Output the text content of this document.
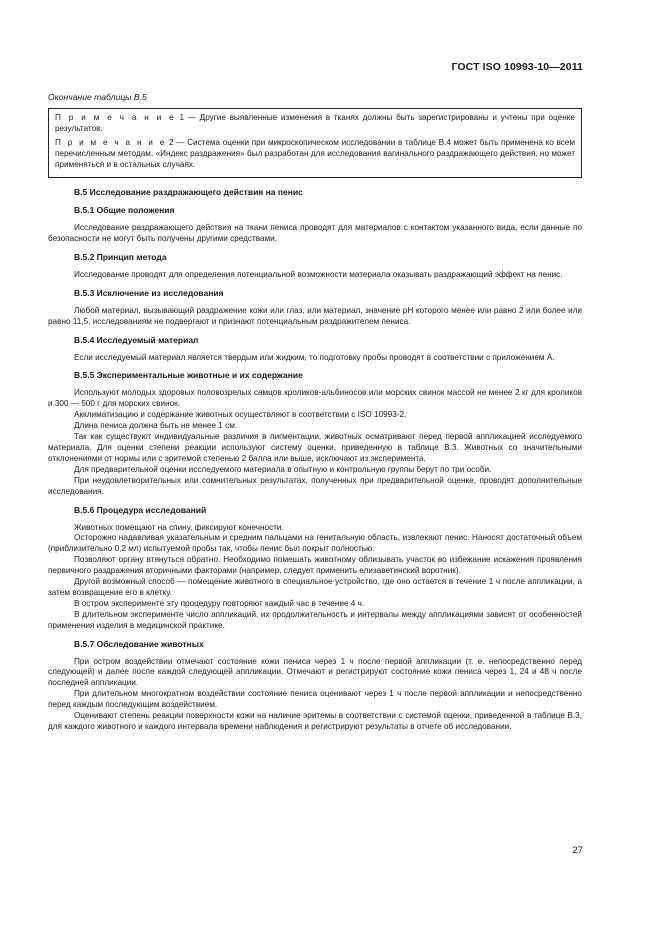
ГОСТ ISO 10993-10—2011
Окончание таблицы B.5

П р и м е ч а н и е 1 — Другие выявленные изменения в тканях должны быть зарегистрированы и учтены при оценке результатов.

П р и м е ч а н и е 2 — Система оценки при микроскопическом исследовании в таблице B.4 может быть применена ко всем перечисленным методам. «Индекс раздражения» был разработан для исследования вагинального раздражающего действия, но может применяться и в остальных случаях.

B.5 Исследование раздражающего действия на пенис

B.5.1 Общие положения

Исследование раздражающего действия на ткани пениса проводят для материалов с контактом указанного вида, если данные по безопасности не могут быть получены другими средствами.

B.5.2 Принцип метода

Исследование проводят для определения потенциальной возможности материала оказывать раздражающий эффект на пенис.

B.5.3 Исключение из исследования

Любой материал, вызывающий раздражение кожи или глаз, или материал, значение pH которого менее или равно 2 или более или равно 11,5, исследованиям не подвергают и признают потенциальным раздражителем пениса.

B.5.4 Исследуемый материал

Если исследуемый материал является твердым или жидким, то подготовку пробы проводят в соответствии с приложением А.

B.5.5 Экспериментальные животные и их содержание

Используют молодых здоровых половозрелых самцов кроликов-альбиносов или морских свинок массой не менее 2 кг для кроликов и 300 — 500 г для морских свинок.

Акклиматизацию и содержание животных осуществляют в соответствии с ISO 10993-2.

Длина пениса должна быть не менее 1 см.

Так как существуют индивидуальные различия в пигментации, животных осматривают перед первой аппликацией исследуемого материала. Для оценки степени реакции используют систему оценки, приведенную в таблице B.3. Животных со значительными отклонениями от нормы или с эритемой степенью 2 балла или выше, исключают из эксперимента.

Для предварительной оценки исследуемого материала в опытную и контрольную группы берут по три особи.

При неудовлетворительных или сомнительных результатах, полученных при предварительной оценке, проводят дополнительные исследования.

B.5.6 Процедура исследований

Животных помещают на спину, фиксируют конечности.

Осторожно надавливая указательным и средним пальцами на генитальную область, извлекают пенис. Наносят достаточный объем (приблизительно 0,2 мл) испытуемой пробы так, чтобы пенис был покрыт полностью.

Позволяют органу втянуться обратно. Необходимо помешать животному облизывать участок во избежание искажения проявления первичного раздражения вторичными факторами (например, следует применить елизаветинский воротник).

Другой возможный способ — помещение животного в специальное устройство, где оно остается в течение 1 ч после аппликации, а затем возвращение его в клетку.

В остром эксперименте эту процедуру повторяют каждый час в течение 4 ч.

В длительном эксперименте число аппликаций, их продолжительность и интервалы между аппликациями зависят от особенностей применения изделия в медицинской практике.

B.5.7 Обследование животных

При остром воздействии отмечают состояние кожи пениса через 1 ч после первой аппликации (т. е. непосредственно перед следующей) и далее после каждой следующей аппликации. Отмечают и регистрируют состояние кожи пениса через 1, 24 и 48 ч после последней аппликации.

При длительном многократном воздействии состояние пениса оценивают через 1 ч после первой аппликации и непосредственно перед каждым последующим воздействием.

Оценивают степень реакции поверхности кожи на наличие эритемы в соответствии с системой оценки, приведенной в таблице B.3, для каждого животного и каждого интервала времени наблюдения и регистрируют результаты в отчете об исследовании.

27
